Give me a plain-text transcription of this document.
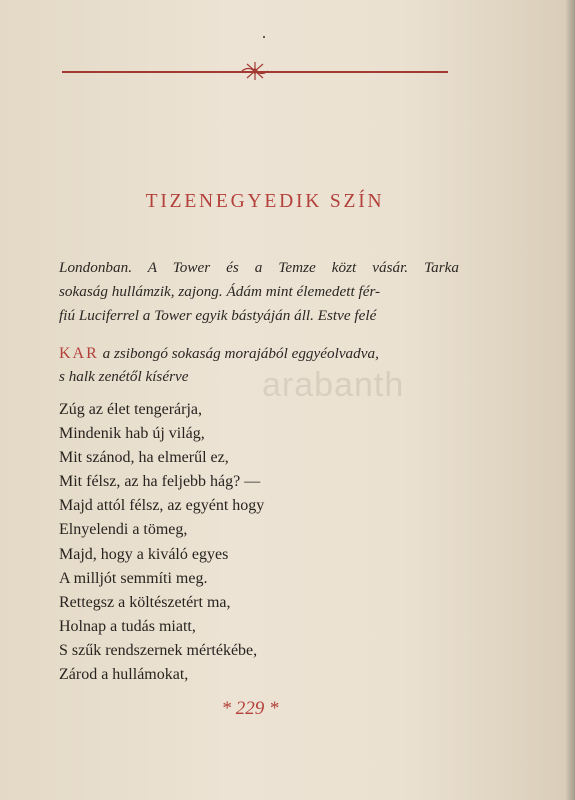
TIZENEGYEDIK SZÍN
Londonban. A Tower és a Temze közt vásár. Tarka
sokaság hullámzik, zajong. Ádám mint élemedett fér-
fiú Luciferrel a Tower egyik bástyáján áll. Estve felé
KAR a zsibongó sokaság morajából eggyéolvadva,
s halk zenétől kísérve	arabanth
Zúg az élet tengerárja,
Mindenik hab új világ,
Mit szánod, ha elmerűl ez,
Mit félsz, az ha feljebb hág? —
Majd attól félsz, az egyént hogy
Elnyelendi a tömeg,
Majd, hogy a kiváló egyes
A milljót semmíti meg.
Rettegsz a költészetért ma,
Holnap a tudás miatt,
S szűk rendszernek mértékébe,
Zárod a hullámokat,
* 229 *
